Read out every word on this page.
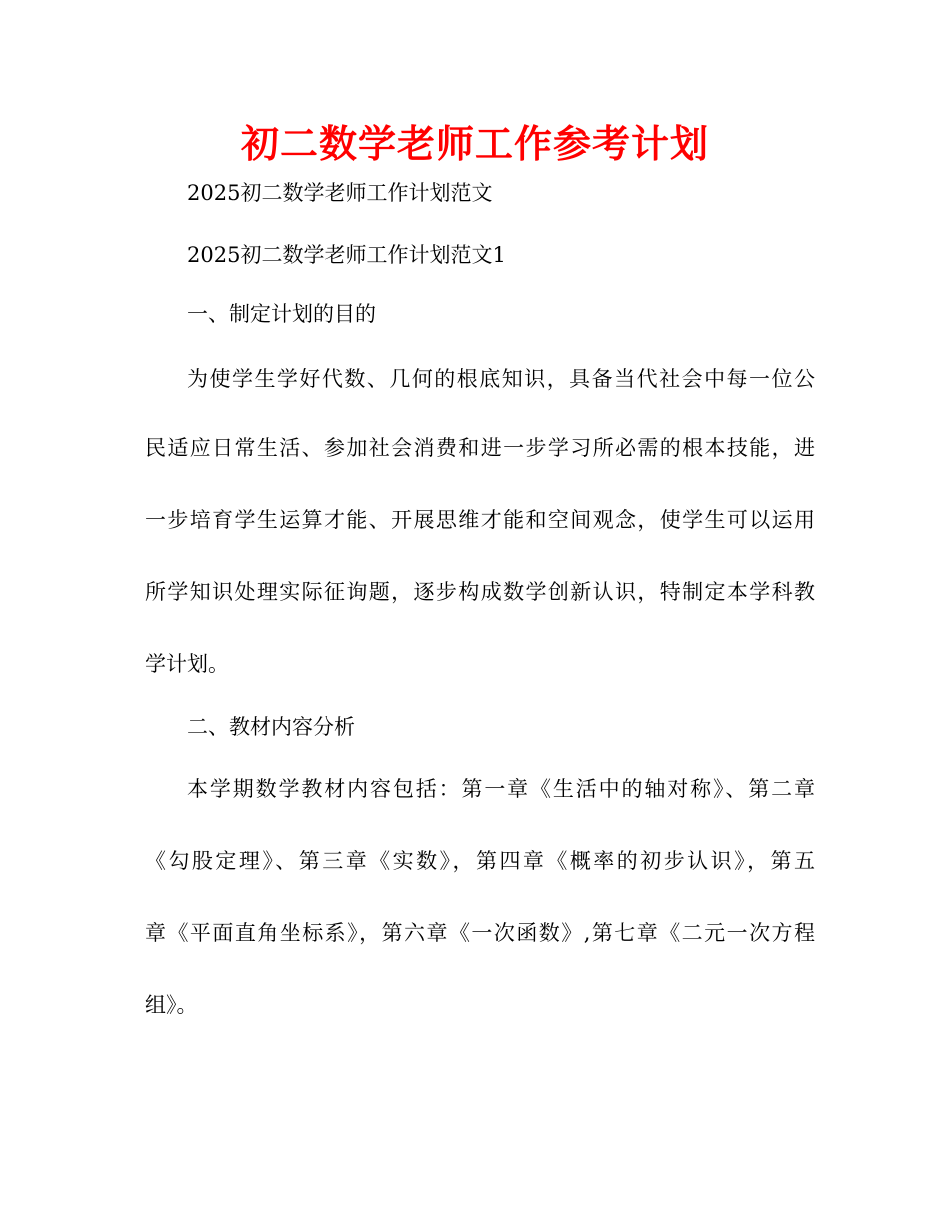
初二数学老师工作参考计划
2025初二数学老师工作计划范文
2025初二数学老师工作计划范文1
一、制定计划的目的
为使学生学好代数、几何的根底知识，具备当代社会中每一位公
民适应日常生活、参加社会消费和进一步学习所必需的根本技能，进
一步培育学生运算才能、开展思维才能和空间观念，使学生可以运用
所学知识处理实际征询题，逐步构成数学创新认识，特制定本学科教
学计划。
二、教材内容分析
本学期数学教材内容包括：第一章《生活中的轴对称》、第二章
《勾股定理》、第三章《实数》，第四章《概率的初步认识》，第五
章《平面直角坐标系》，第六章《一次函数》,第七章《二元一次方程
组》。
